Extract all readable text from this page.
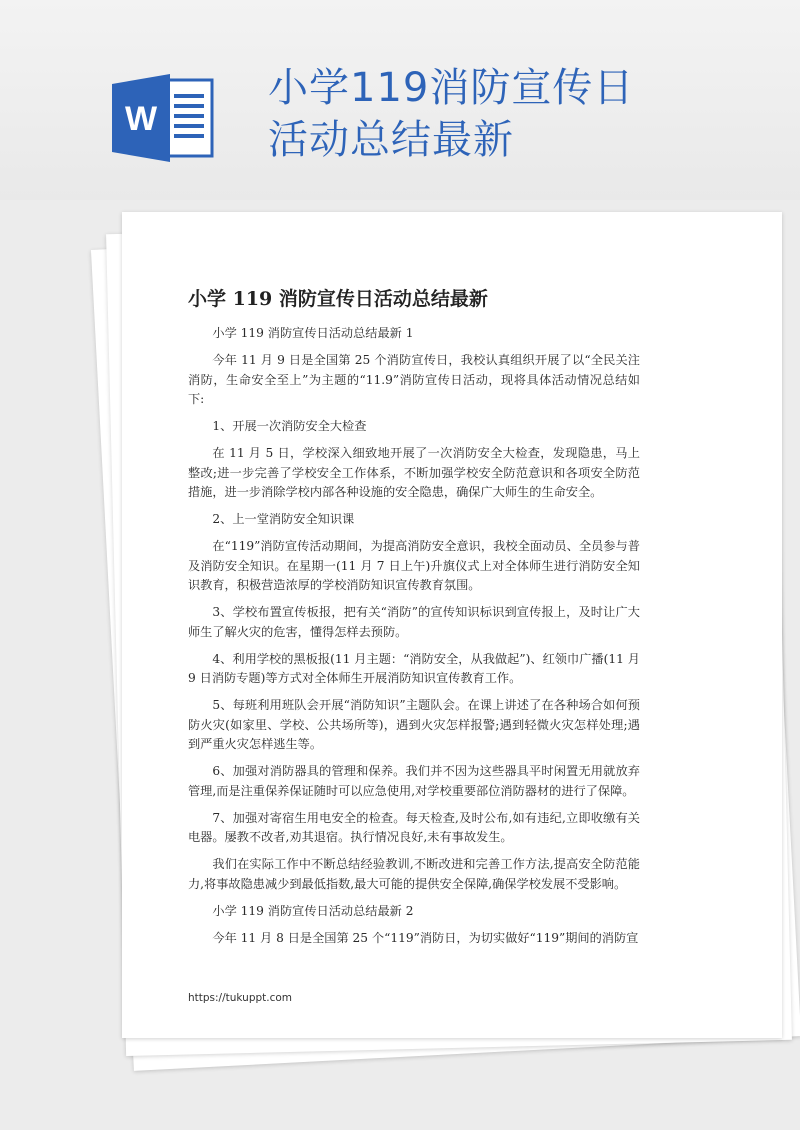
W
小学119消防宣传日
活动总结最新
小学 119 消防宣传日活动总结最新

小学 119 消防宣传日活动总结最新 1

今年 11 月 9 日是全国第 25 个消防宣传日，我校认真组织开展了以“全民关注消防，生命安全至上”为主题的“11.9”消防宣传日活动，现将具体活动情况总结如下:

1、开展一次消防安全大检查

在 11 月 5 日，学校深入细致地开展了一次消防安全大检查，发现隐患，马上整改;进一步完善了学校安全工作体系，不断加强学校安全防范意识和各项安全防范措施，进一步消除学校内部各种设施的安全隐患，确保广大师生的生命安全。

2、上一堂消防安全知识课

在“119”消防宣传活动期间，为提高消防安全意识，我校全面动员、全员参与普及消防安全知识。在星期一(11 月 7 日上午)升旗仪式上对全体师生进行消防安全知识教育，积极营造浓厚的学校消防知识宣传教育氛围。

3、学校布置宣传板报，把有关“消防”的宣传知识标识到宣传报上，及时让广大师生了解火灾的危害，懂得怎样去预防。

4、利用学校的黑板报(11 月主题：“消防安全，从我做起”)、红领巾广播(11 月 9 日消防专题)等方式对全体师生开展消防知识宣传教育工作。

5、每班利用班队会开展“消防知识”主题队会。在课上讲述了在各种场合如何预防火灾(如家里、学校、公共场所等)，遇到火灾怎样报警;遇到轻微火灾怎样处理;遇到严重火灾怎样逃生等。

6、加强对消防器具的管理和保养。我们并不因为这些器具平时闲置无用就放弃管理,而是注重保养保证随时可以应急使用,对学校重要部位消防器材的进行了保障。

7、加强对寄宿生用电安全的检查。每天检查,及时公布,如有违纪,立即收缴有关电器。屡教不改者,劝其退宿。执行情况良好,未有事故发生。

我们在实际工作中不断总结经验教训,不断改进和完善工作方法,提高安全防范能力,将事故隐患减少到最低指数,最大可能的提供安全保障,确保学校发展不受影响。

小学 119 消防宣传日活动总结最新 2

今年 11 月 8 日是全国第 25 个“119”消防日，为切实做好“119”期间的消防宣

https://tukuppt.com
